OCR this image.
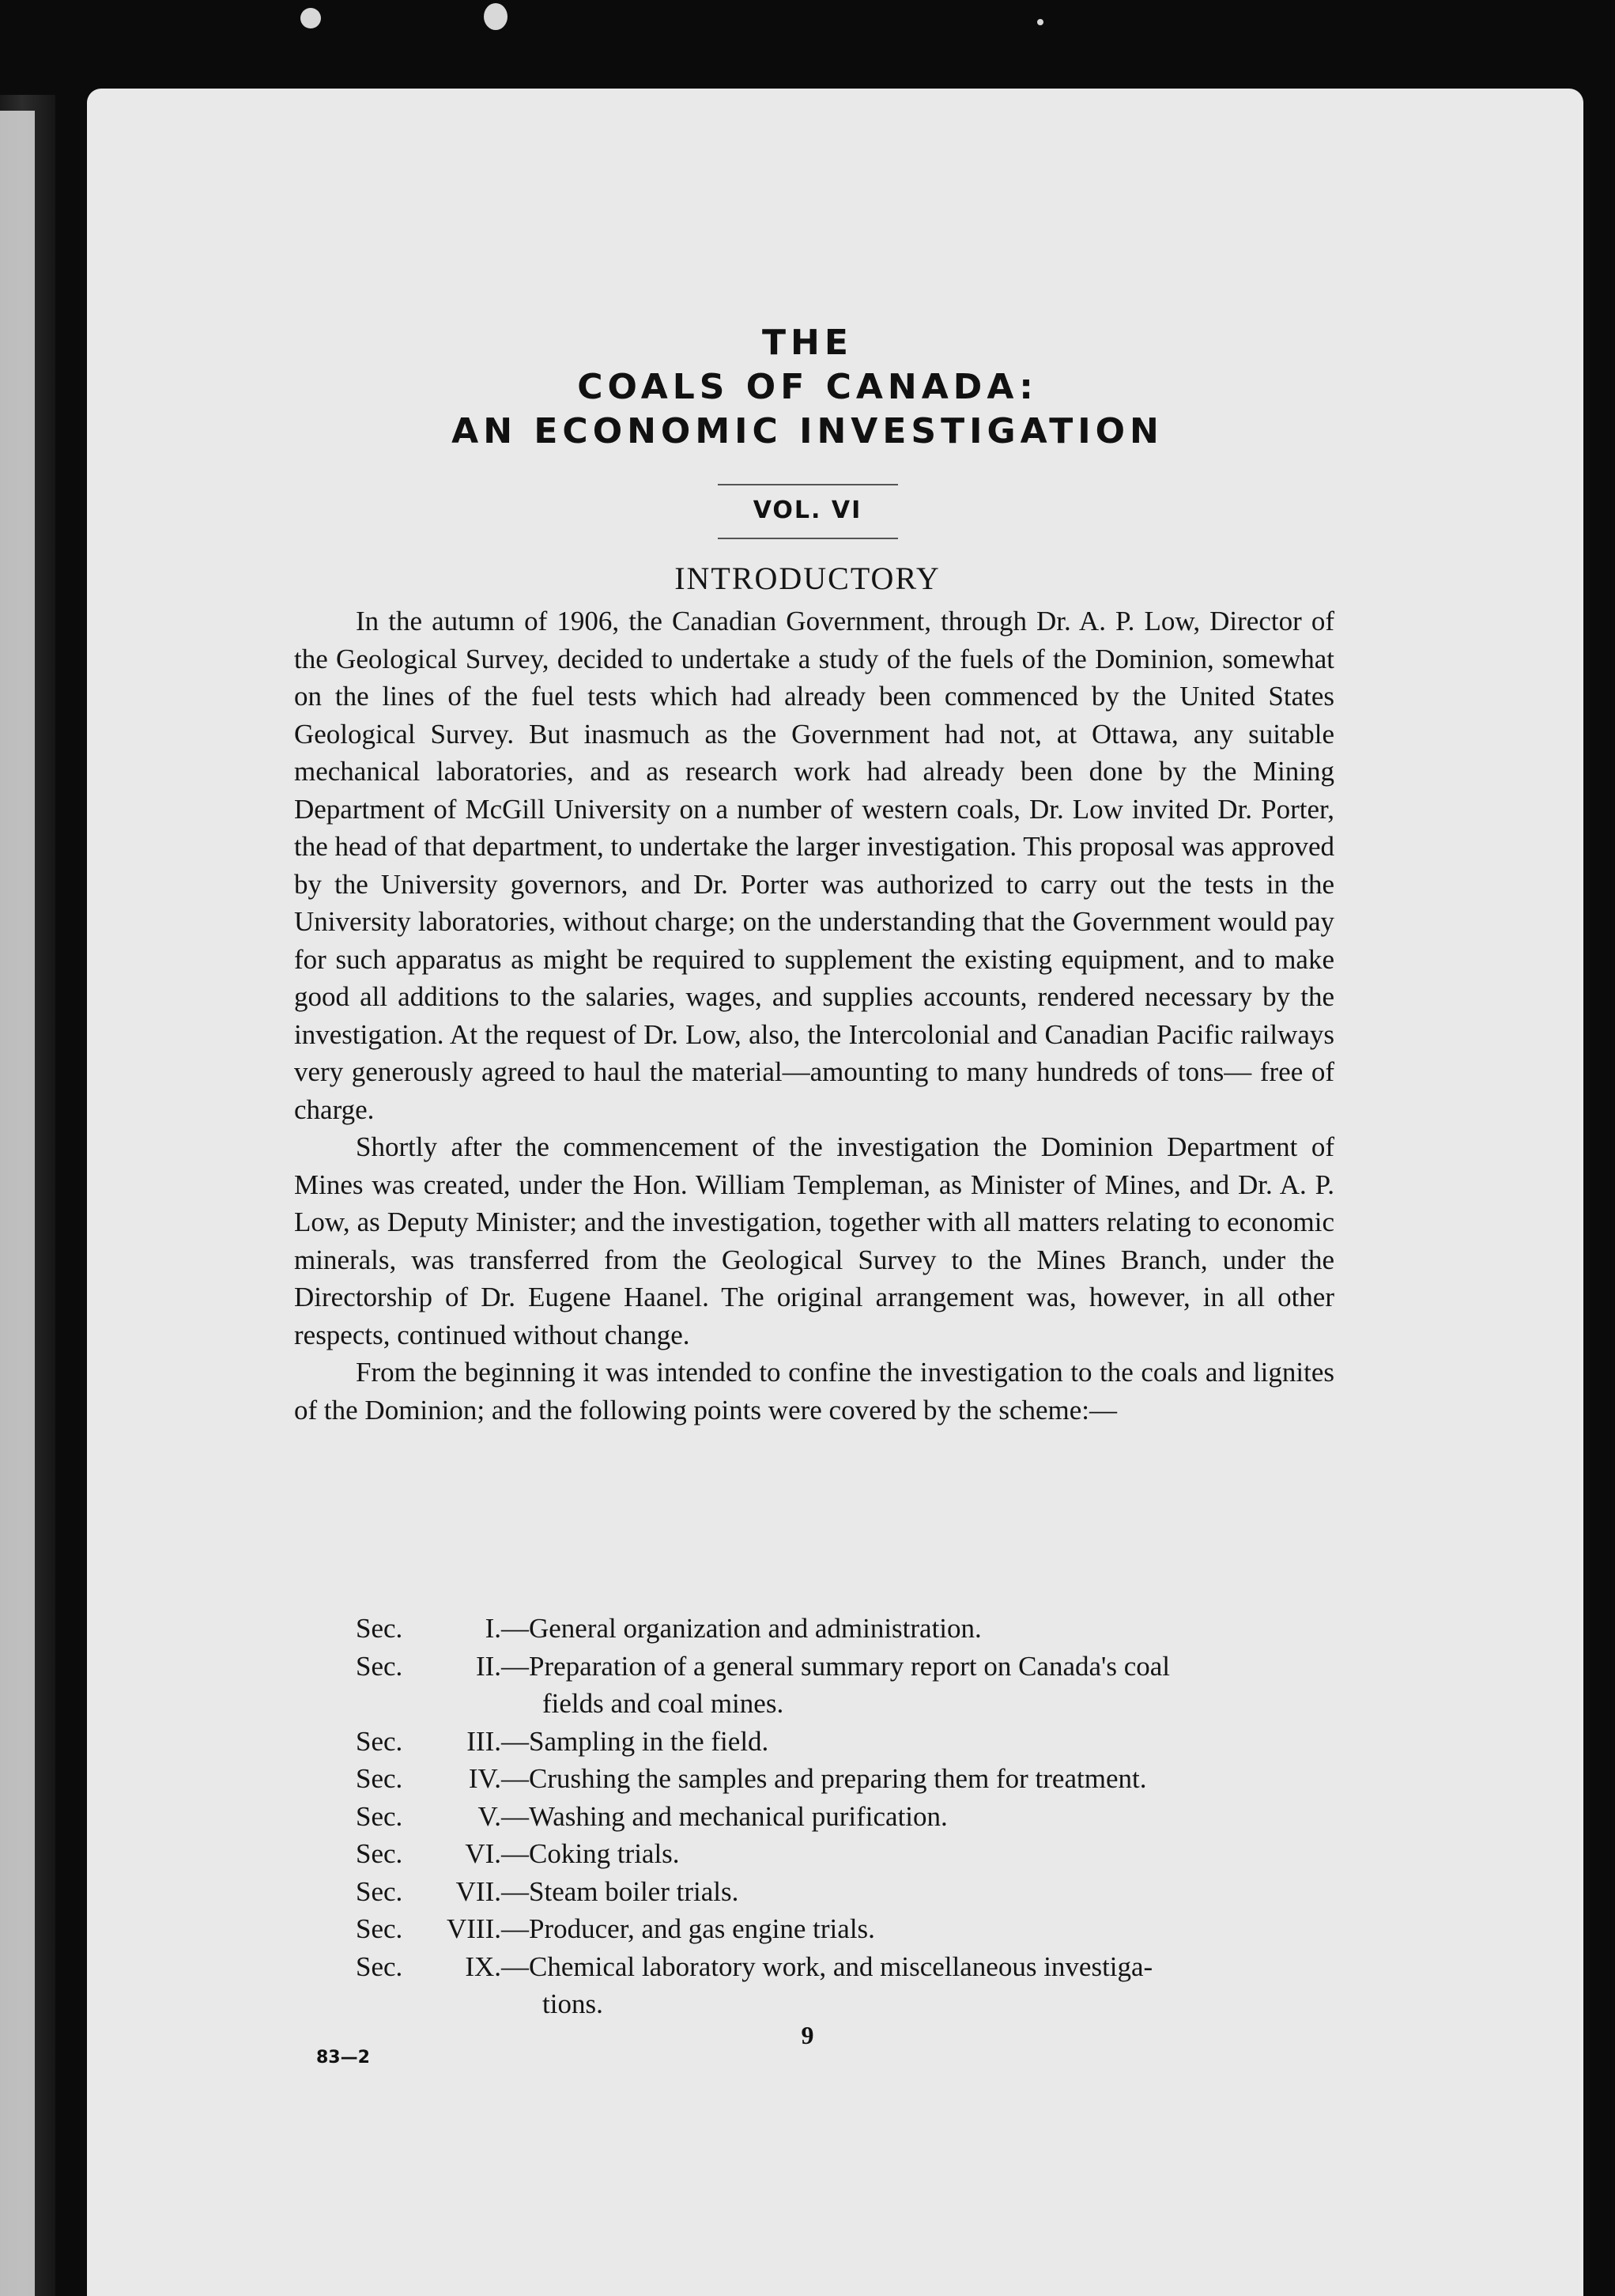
THE

COALS OF CANADA:

AN ECONOMIC INVESTIGATION

VOL. VI
INTRODUCTORY

In the autumn of 1906, the Canadian Government, through Dr. A. P. Low, Director of the Geological Survey, decided to undertake a study of the fuels of the Dominion, somewhat on the lines of the fuel tests which had already been commenced by the United States Geological Survey. But inasmuch as the Government had not, at Ottawa, any suitable mechanical laboratories, and as research work had already been done by the Mining Department of McGill University on a number of western coals, Dr. Low invited Dr. Porter, the head of that department, to undertake the larger investigation. This proposal was approved by the University governors, and Dr. Porter was authorized to carry out the tests in the University laboratories, without charge; on the understanding that the Government would pay for such apparatus as might be required to supplement the existing equipment, and to make good all additions to the salaries, wages, and supplies accounts, rendered necessary by the investigation. At the request of Dr. Low, also, the Intercolonial and Canadian Pacific railways very generously agreed to haul the material—amounting to many hundreds of tons— free of charge.

Shortly after the commencement of the investigation the Dominion Department of Mines was created, under the Hon. William Templeman, as Minister of Mines, and Dr. A. P. Low, as Deputy Minister; and the investigation, together with all matters relating to economic minerals, was transferred from the Geological Survey to the Mines Branch, under the Directorship of Dr. Eugene Haanel. The original arrangement was, however, in all other respects, continued without change.

From the beginning it was intended to confine the investigation to the coals and lignites of the Dominion; and the following points were covered by the scheme:—

Sec.	I. —General organization and administration.
Sec.	II. —Preparation of a general summary report on Canada's coal
fields and coal mines.
Sec.	III. —Sampling in the field.
Sec.	IV. —Crushing the samples and preparing them for treatment.
Sec.	V. —Washing and mechanical purification.
Sec.	VI. —Coking trials.
Sec.	VII. —Steam boiler trials.
Sec.	VIII. —Producer, and gas engine trials.
Sec.	IX. —Chemical laboratory work, and miscellaneous investiga-
tions.
9
83—2
